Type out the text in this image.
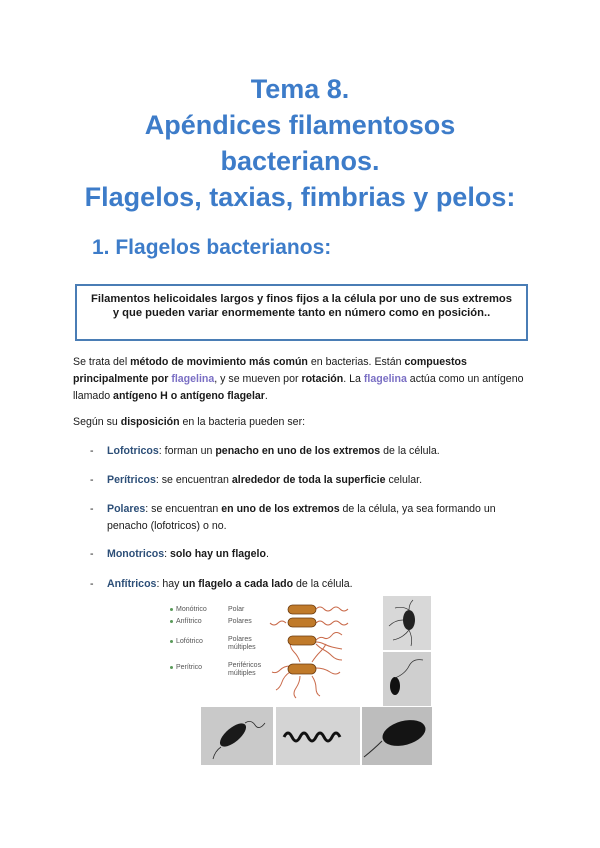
Tema 8.
Apéndices filamentosos
bacterianos.
Flagelos, taxias, fimbrias y pelos:
1. Flagelos bacterianos:

Filamentos helicoidales largos y finos fijos a la célula por uno de sus extremos y que pueden variar enormemente tanto en número como en posición..

Se trata del método de movimiento más común en bacterias. Están compuestos principalmente por flagelina, y se mueven por rotación. La flagelina actúa como un antígeno llamado antígeno H o antígeno flagelar.
Según su disposición en la bacteria pueden ser:
- Lofotricos: forman un penacho en uno de los extremos de la célula.
- Perítricos: se encuentran alrededor de toda la superficie celular.
- Polares: se encuentran en uno de los extremos de la célula, ya sea formando un penacho (lofotricos) o no.
- Monotricos: solo hay un flagelo.
- Anfítricos: hay un flagelo a cada lado de la célula.
Monótrico
Anfítrico
Lofótrico
Perítrico
Polar
Polares
Polares
múltiples
Periféricos
múltiples
